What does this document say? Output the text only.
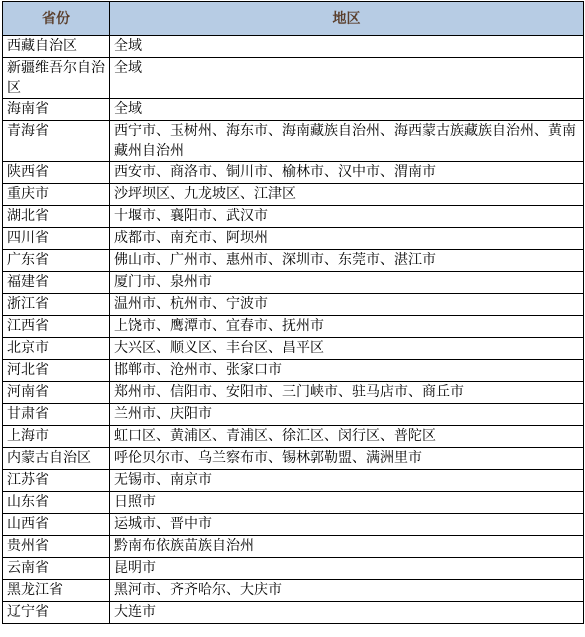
省份	地区
西藏自治区	全域
新疆维吾尔自治区	全域
海南省	全域
青海省	西宁市、玉树州、海东市、海南藏族自治州、海西蒙古族藏族自治州、黄南藏州自治州
陕西省	西安市、商洛市、铜川市、榆林市、汉中市、渭南市
重庆市	沙坪坝区、九龙坡区、江津区
湖北省	十堰市、襄阳市、武汉市
四川省	成都市、南充市、阿坝州
广东省	佛山市、广州市、惠州市、深圳市、东莞市、湛江市
福建省	厦门市、泉州市
浙江省	温州市、杭州市、宁波市
江西省	上饶市、鹰潭市、宜春市、抚州市
北京市	大兴区、顺义区、丰台区、昌平区
河北省	邯郸市、沧州市、张家口市
河南省	郑州市、信阳市、安阳市、三门峡市、驻马店市、商丘市
甘肃省	兰州市、庆阳市
上海市	虹口区、黄浦区、青浦区、徐汇区、闵行区、普陀区
内蒙古自治区	呼伦贝尔市、乌兰察布市、锡林郭勒盟、满洲里市
江苏省	无锡市、南京市
山东省	日照市
山西省	运城市、晋中市
贵州省	黔南布依族苗族自治州
云南省	昆明市
黑龙江省	黑河市、齐齐哈尔、大庆市
辽宁省	大连市
